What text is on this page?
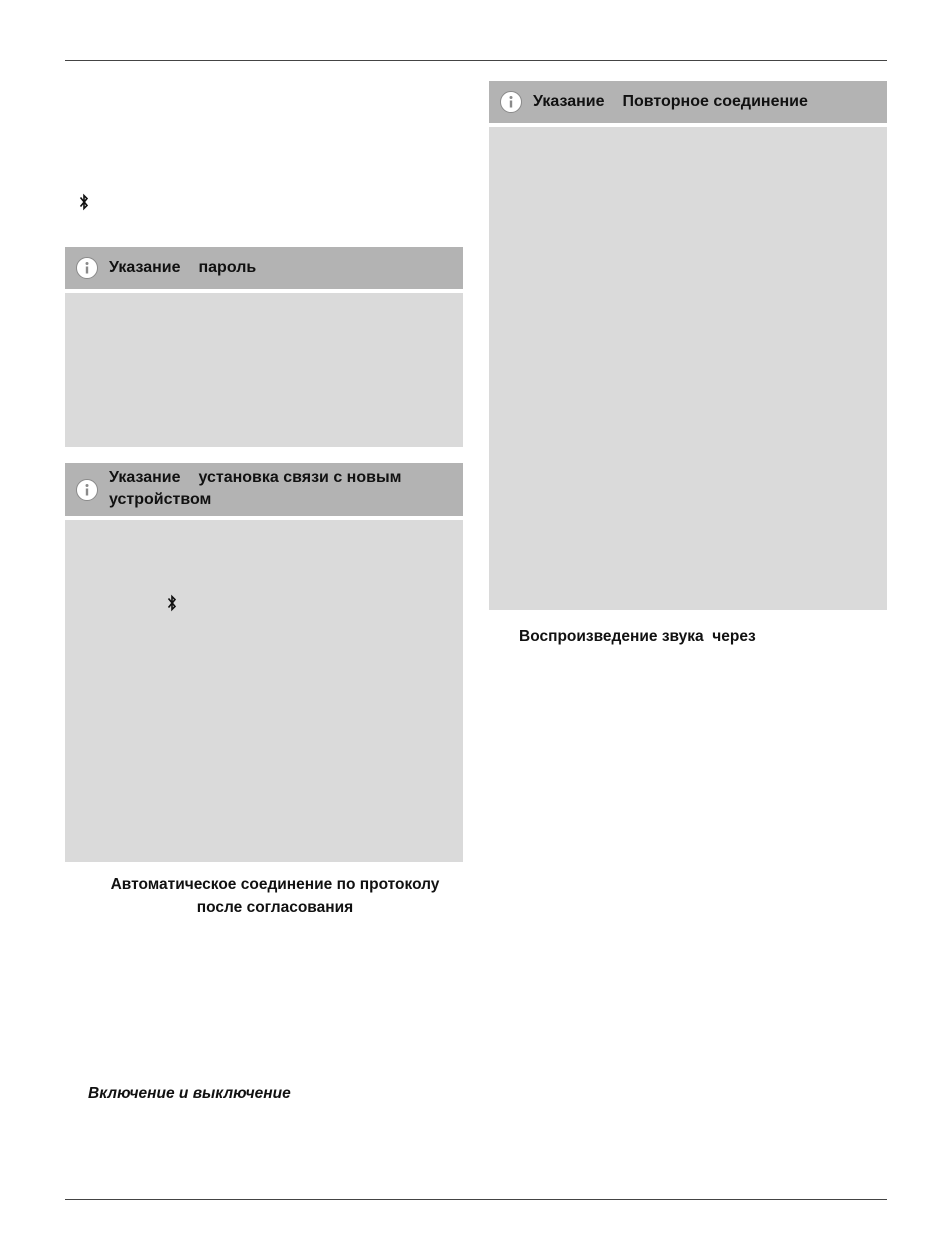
Указание пароль
Указание установка связи с новым
устройством
Автоматическое соединение по протоколу
после согласования
Включение и выключение
Указание Повторное соединение
Воспроизведение звука  через
